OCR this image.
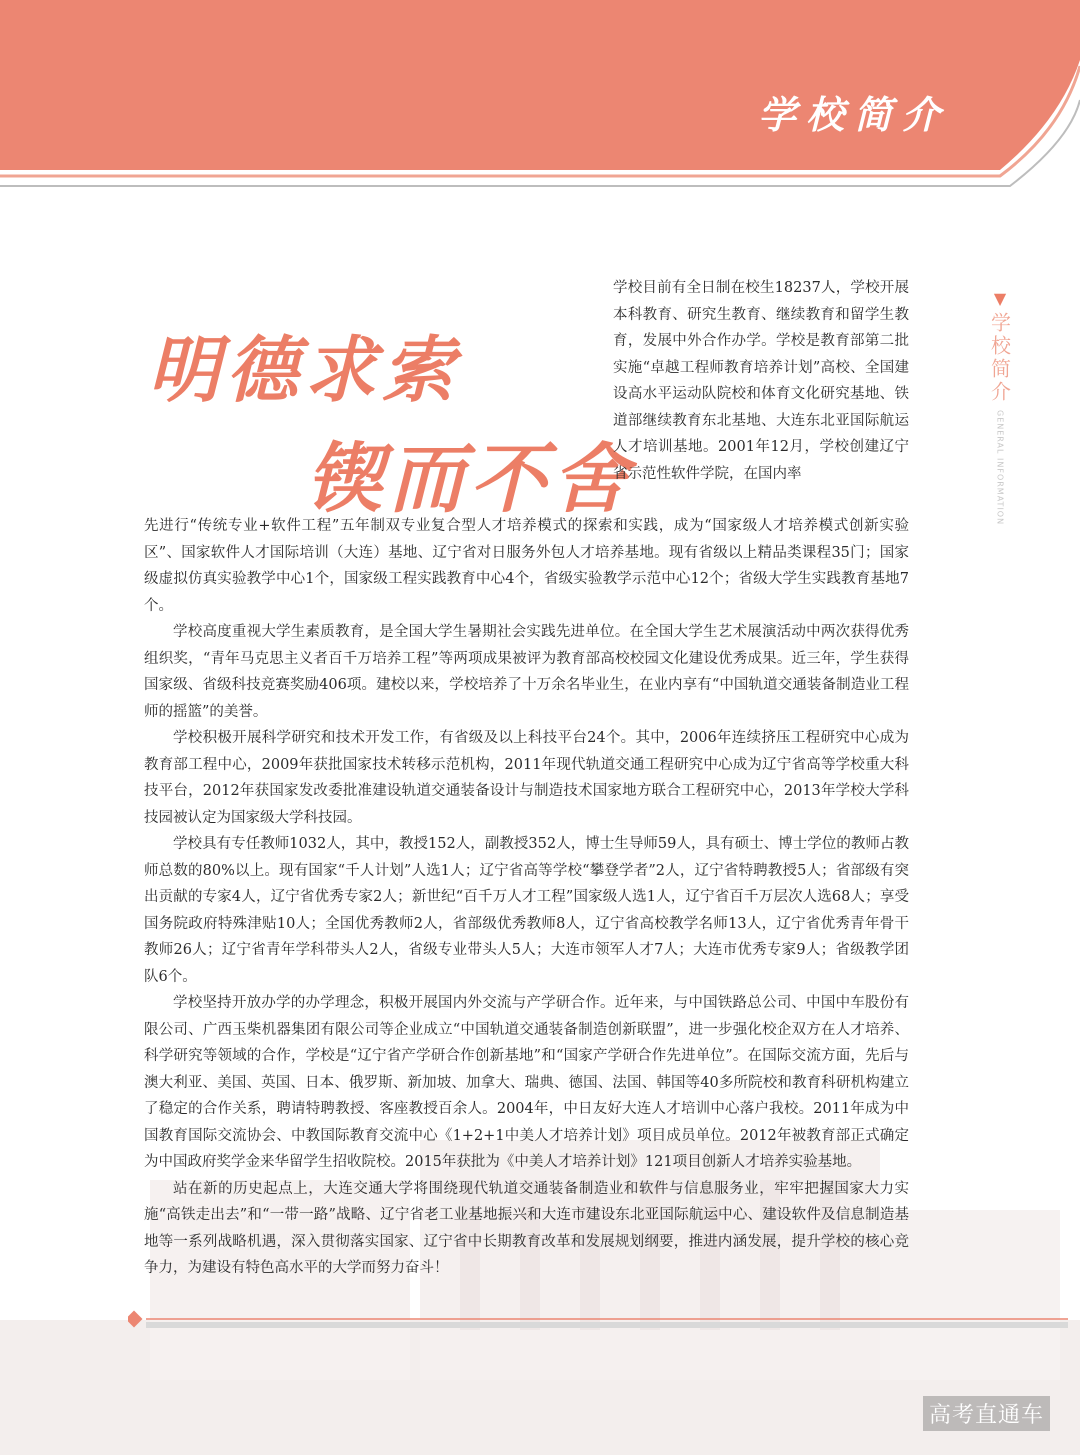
学校简介
明德求索
锲而不舍
▼
学校简介
GENERAL INFORMATION
学校目前有全日制在校生18237人，学校开展本科教育、研究生教育、继续教育和留学生教育，发展中外合作办学。学校是教育部第二批实施“卓越工程师教育培养计划”高校、全国建设高水平运动队院校和体育文化研究基地、铁道部继续教育东北基地、大连东北亚国际航运人才培训基地。2001年12月，学校创建辽宁省示范性软件学院，在国内率

先进行“传统专业+软件工程”五年制双专业复合型人才培养模式的探索和实践，成为“国家级人才培养模式创新实验区”、国家软件人才国际培训（大连）基地、辽宁省对日服务外包人才培养基地。现有省级以上精品类课程35门；国家级虚拟仿真实验教学中心1个，国家级工程实践教育中心4个，省级实验教学示范中心12个；省级大学生实践教育基地7个。

学校高度重视大学生素质教育，是全国大学生暑期社会实践先进单位。在全国大学生艺术展演活动中两次获得优秀组织奖，“青年马克思主义者百千万培养工程”等两项成果被评为教育部高校校园文化建设优秀成果。近三年，学生获得国家级、省级科技竞赛奖励406项。建校以来，学校培养了十万余名毕业生，在业内享有“中国轨道交通装备制造业工程师的摇篮”的美誉。

学校积极开展科学研究和技术开发工作，有省级及以上科技平台24个。其中，2006年连续挤压工程研究中心成为教育部工程中心，2009年获批国家技术转移示范机构，2011年现代轨道交通工程研究中心成为辽宁省高等学校重大科技平台，2012年获国家发改委批准建设轨道交通装备设计与制造技术国家地方联合工程研究中心，2013年学校大学科技园被认定为国家级大学科技园。

学校具有专任教师1032人，其中，教授152人，副教授352人，博士生导师59人，具有硕士、博士学位的教师占教师总数的80%以上。现有国家“千人计划”人选1人；辽宁省高等学校“攀登学者”2人，辽宁省特聘教授5人；省部级有突出贡献的专家4人，辽宁省优秀专家2人；新世纪“百千万人才工程”国家级人选1人，辽宁省百千万层次人选68人；享受国务院政府特殊津贴10人；全国优秀教师2人，省部级优秀教师8人，辽宁省高校教学名师13人，辽宁省优秀青年骨干教师26人；辽宁省青年学科带头人2人，省级专业带头人5人；大连市领军人才7人；大连市优秀专家9人；省级教学团队6个。

学校坚持开放办学的办学理念，积极开展国内外交流与产学研合作。近年来，与中国铁路总公司、中国中车股份有限公司、广西玉柴机器集团有限公司等企业成立“中国轨道交通装备制造创新联盟”，进一步强化校企双方在人才培养、科学研究等领域的合作，学校是“辽宁省产学研合作创新基地”和“国家产学研合作先进单位”。在国际交流方面，先后与澳大利亚、美国、英国、日本、俄罗斯、新加坡、加拿大、瑞典、德国、法国、韩国等40多所院校和教育科研机构建立了稳定的合作关系，聘请特聘教授、客座教授百余人。2004年，中日友好大连人才培训中心落户我校。2011年成为中国教育国际交流协会、中教国际教育交流中心《1+2+1中美人才培养计划》项目成员单位。2012年被教育部正式确定为中国政府奖学金来华留学生招收院校。2015年获批为《中美人才培养计划》121项目创新人才培养实验基地。

站在新的历史起点上，大连交通大学将围绕现代轨道交通装备制造业和软件与信息服务业，牢牢把握国家大力实施“高铁走出去”和“一带一路”战略、辽宁省老工业基地振兴和大连市建设东北亚国际航运中心、建设软件及信息制造基地等一系列战略机遇，深入贯彻落实国家、辽宁省中长期教育改革和发展规划纲要，推进内涵发展，提升学校的核心竞争力，为建设有特色高水平的大学而努力奋斗！

高考直通车
